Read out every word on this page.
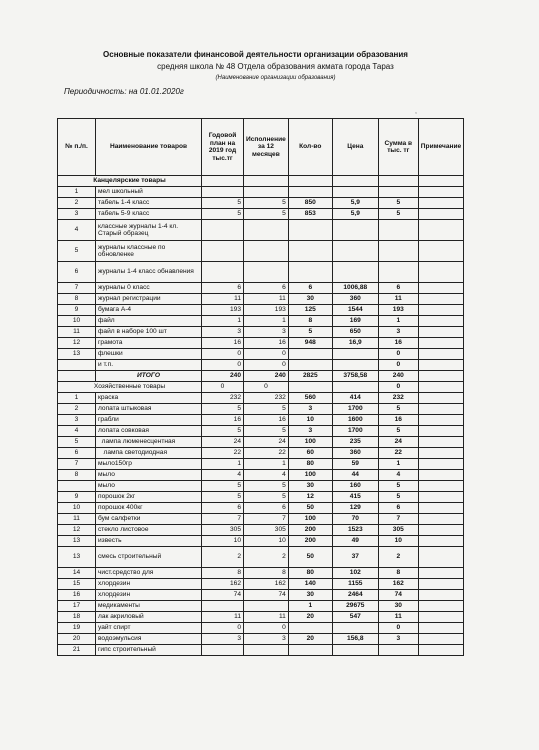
Основные показатели финансовой деятельности организации образования
средняя школа № 48 Отдела образования акмата города Тараз
(Наименование организации образования)
Периодичность: на 01.01.2020г
,
№ п./п.	Наименование товаров	Годовой план на 2019 год тыс.тг	Исполнение за 12 месяцев	Кол-во	Цена	Сумма в тыс. тг	Примечание
Канцелярские товары							
1	мел школьный						
2	табель 1-4 класс	5	5	850	5,9	5	
3	табель 5-9 класс	5	5	853	5,9	5	
4	классные журналы 1-4 кл. Старый образец						
5	журналы классные по обновленке						
6	журналы 1-4 класс обнавления						
7	журналы 0 класс	6	6	6	1006,88	6	
8	журнал регистрации	11	11	30	360	11	
9	бумага А-4	193	193	125	1544	193	
10	файл	1	1	8	169	1	
11	файл в наборе 100 шт	3	3	5	650	3	
12	грамота	16	16	948	16,9	16	
13	флешки	0	0			0	
	и т.п.	0	0			0	
	ИТОГО	240	240	2825	3758,58	240	
Хозяйственные товары		0	0			0	
1	краска	232	232	560	414	232	
2	лопата штыковая	5	5	3	1700	5	
3	грабли	16	16	10	1600	16	
4	лопата совковая	5	5	3	1700	5	
5	лампа люменесцентная	24	24	100	235	24	
6	лампа светодиодная	22	22	60	360	22	
7	мыло150гр	1	1	80	59	1	
8	мыло	4	4	100	44	4	
	мыло	5	5	30	160	5	
9	порошок 2кг	5	5	12	415	5	
10	порошок 400кг	6	6	50	129	6	
11	бум салфетки	7	7	100	70	7	
12	стекло листовое	305	305	200	1523	305	
13	известь	10	10	200	49	10	
13	смесь строительный	2	2	50	37	2	
14	чист.средство для	8	8	80	102	8	
15	хлордезин	162	162	140	1155	162	
16	хлордезин	74	74	30	2464	74	
17	медикаменты			1	29675	30	
18	лак акриловый	11	11	20	547	11	
19	уайт спирт	0	0			0	
20	водоэмульсия	3	3	20	156,8	3	
21	гипс строительный						
